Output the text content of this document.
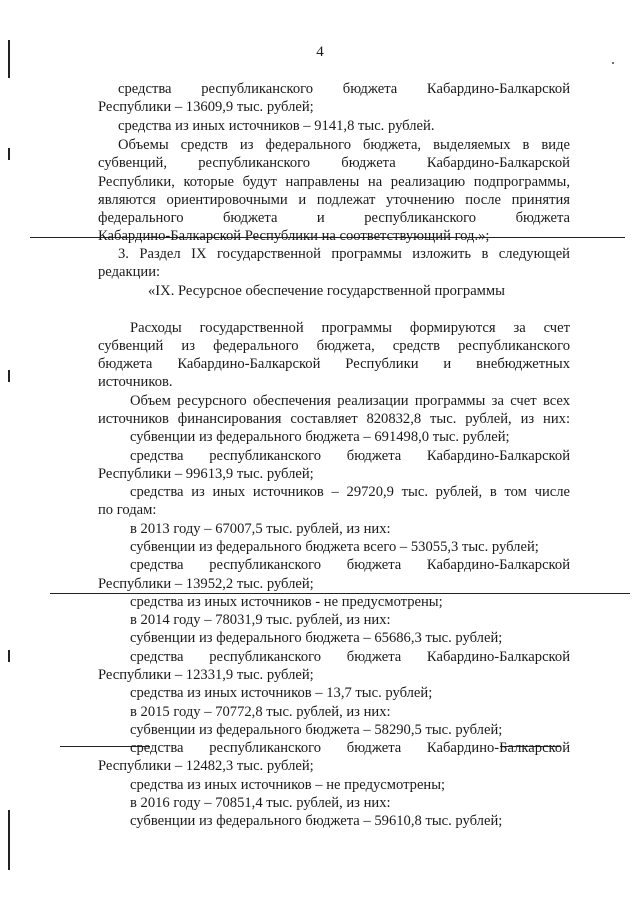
4
средства республиканского бюджета Кабардино-Балкарской
Республики – 13609,9 тыс. рублей;
средства из иных источников – 9141,8 тыс. рублей.
Объемы средств из федерального бюджета, выделяемых в виде
субвенций, республиканского бюджета Кабардино-Балкарской
Республики, которые будут направлены на реализацию подпрограммы,
являются ориентировочными и подлежат уточнению после принятия
федерального бюджета и республиканского бюджета
Кабардино-Балкарской Республики на соответствующий год.»;
3. Раздел IX государственной программы изложить в следующей
редакции:
«IX. Ресурсное обеспечение государственной программы
Расходы государственной программы формируются за счет
субвенций из федерального бюджета, средств республиканского
бюджета Кабардино-Балкарской Республики и внебюджетных
источников.
Объем ресурсного обеспечения реализации программы за счет всех
источников финансирования составляет 820832,8 тыс. рублей, из них:
субвенции из федерального бюджета – 691498,0 тыс. рублей;
средства республиканского бюджета Кабардино-Балкарской
Республики – 99613,9 тыс. рублей;
средства из иных источников – 29720,9 тыс. рублей, в том числе
по годам:
в 2013 году – 67007,5 тыс. рублей, из них:
субвенции из федерального бюджета всего – 53055,3 тыс. рублей;
средства республиканского бюджета Кабардино-Балкарской
Республики – 13952,2 тыс. рублей;
средства из иных источников - не предусмотрены;
в 2014 году – 78031,9 тыс. рублей, из них:
субвенции из федерального бюджета – 65686,3 тыс. рублей;
средства республиканского бюджета Кабардино-Балкарской
Республики – 12331,9 тыс. рублей;
средства из иных источников – 13,7 тыс. рублей;
в 2015 году – 70772,8 тыс. рублей, из них:
субвенции из федерального бюджета – 58290,5 тыс. рублей;
средства республиканского бюджета Кабардино-Балкарской
Республики – 12482,3 тыс. рублей;
средства из иных источников – не предусмотрены;
в 2016 году – 70851,4 тыс. рублей, из них:
субвенции из федерального бюджета – 59610,8 тыс. рублей;
